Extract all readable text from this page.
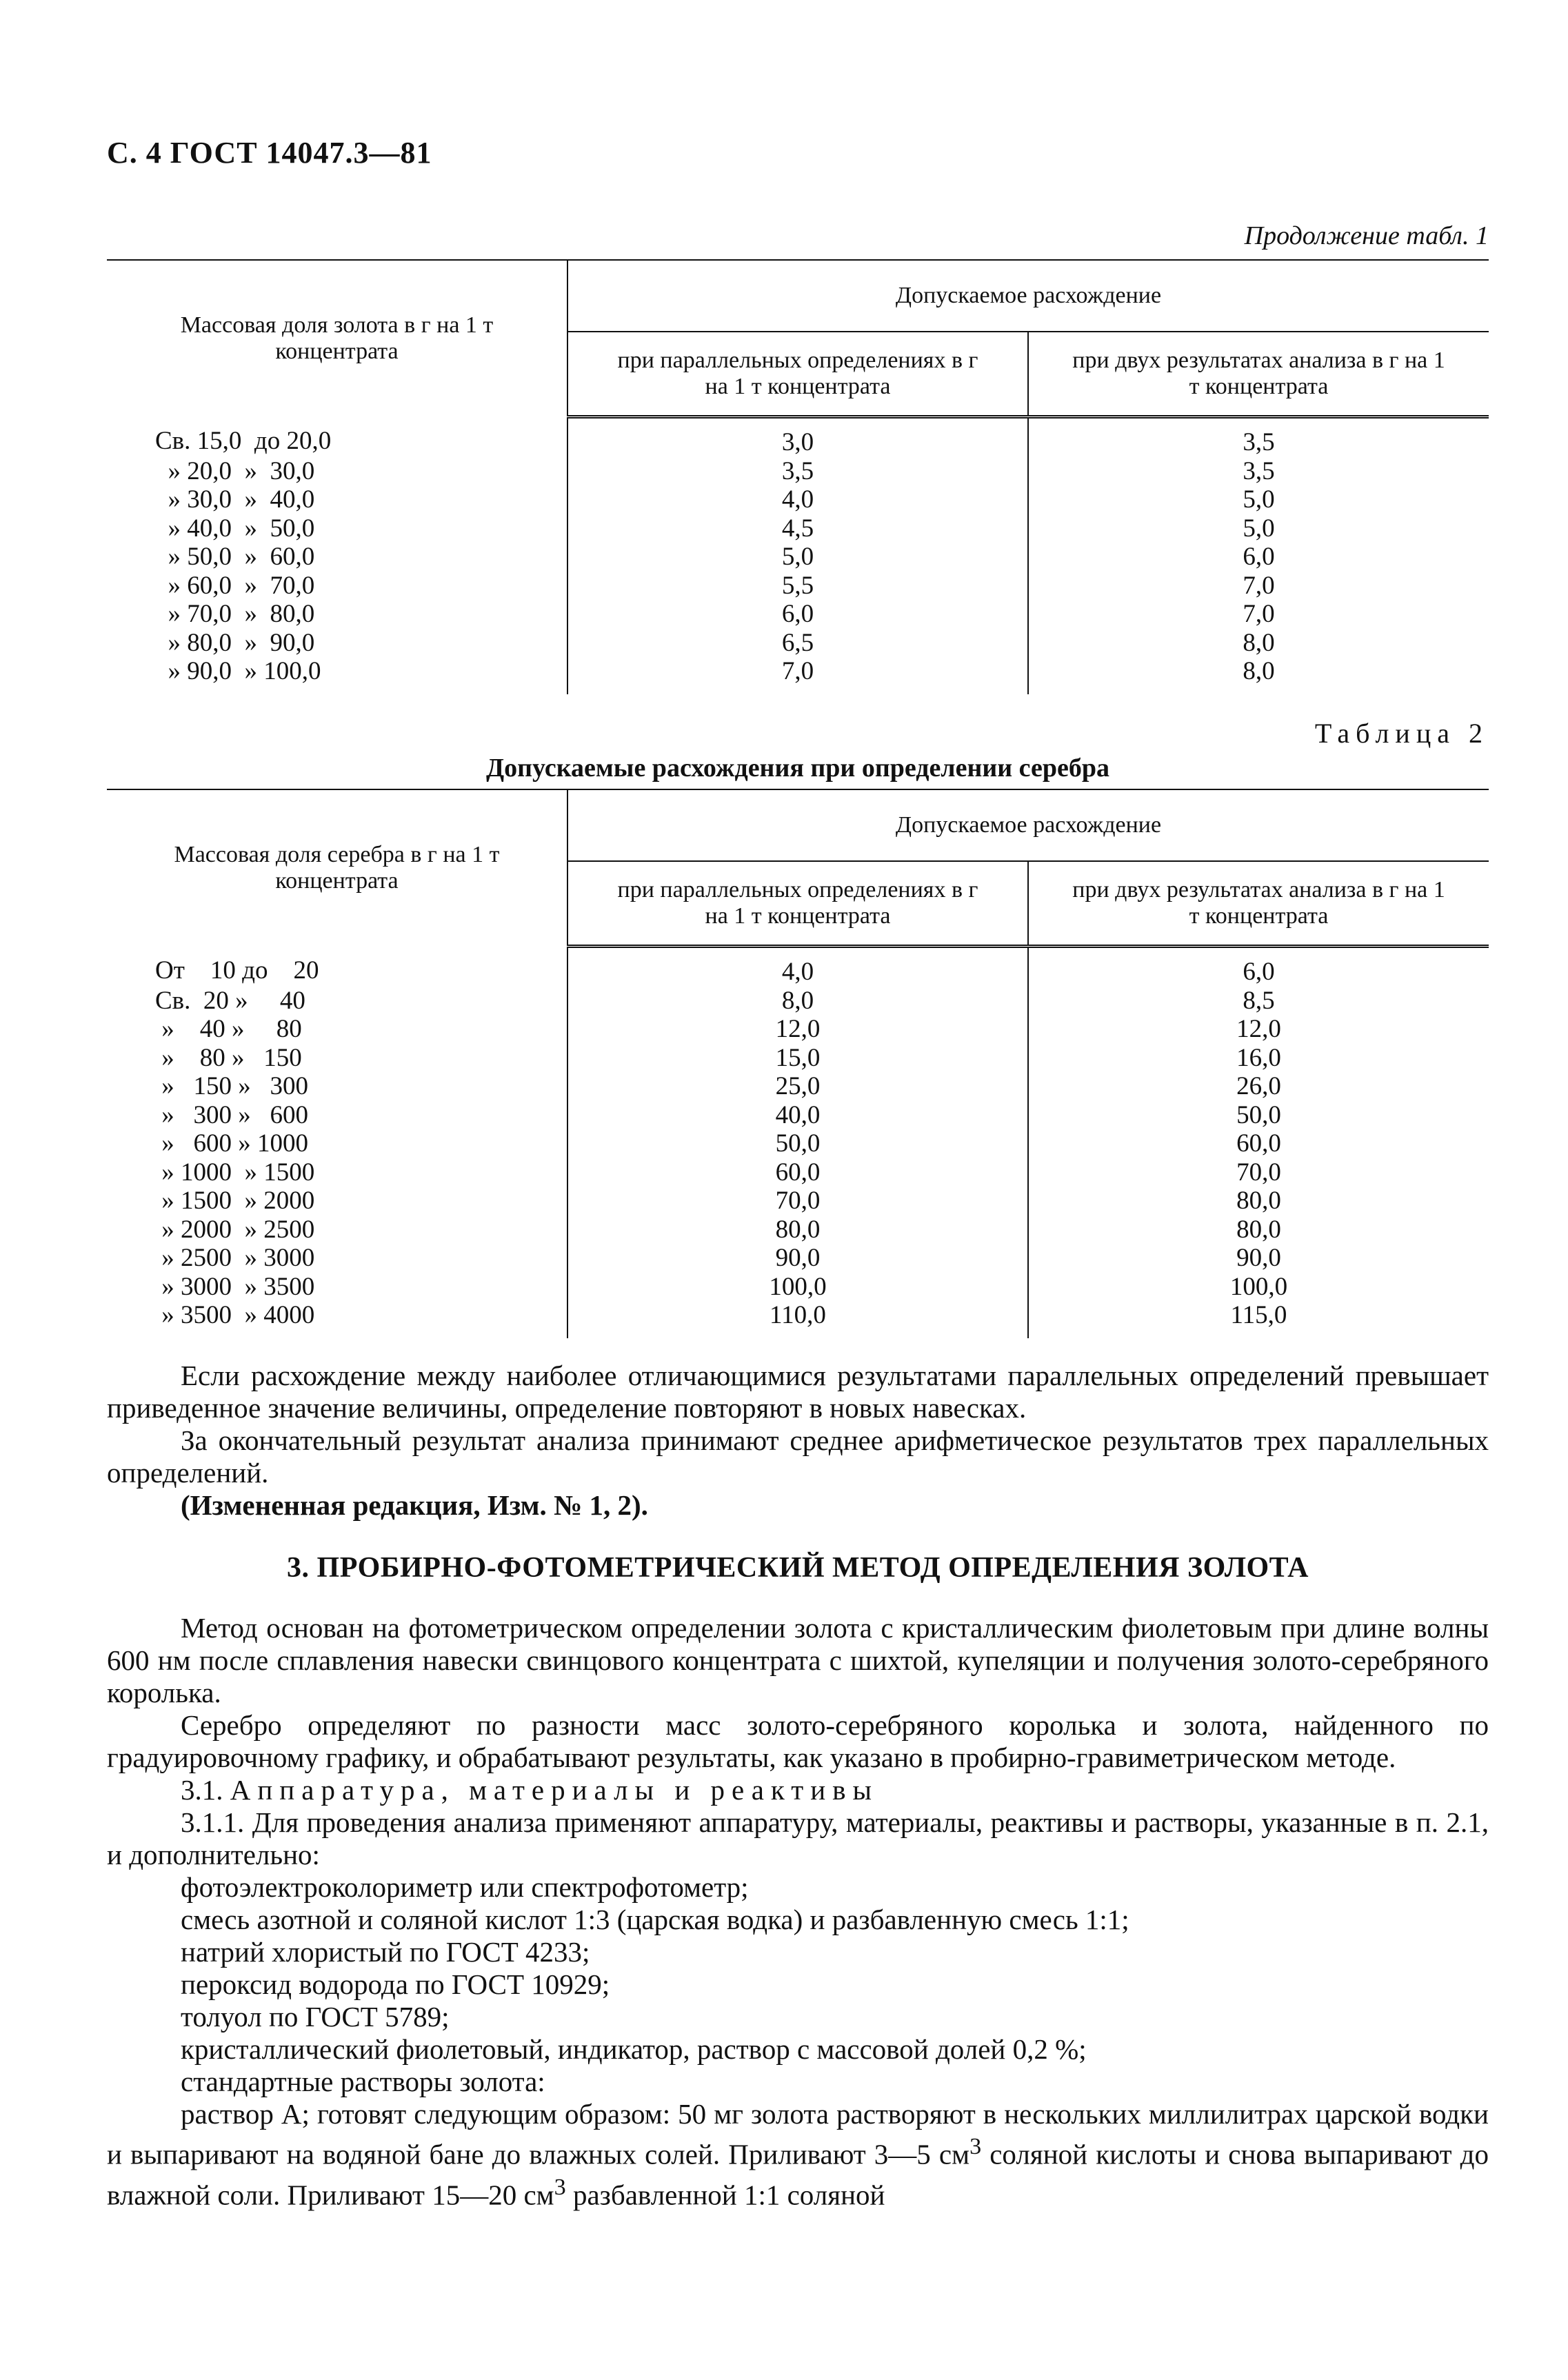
С. 4 ГОСТ 14047.3—81
Продолжение табл. 1
Массовая доля золота в г на 1 т концентрата	Допускаемое расхождение	
	при параллельных определениях в г на 1 т концентрата	при двух результатах анализа в г на 1 т концентрата
Св. 15,0  до 20,0	3,0	3,5
» 20,0  »  30,0	3,5	3,5
» 30,0  »  40,0	4,0	5,0
» 40,0  »  50,0	4,5	5,0
» 50,0  »  60,0	5,0	6,0
» 60,0  »  70,0	5,5	7,0
» 70,0  »  80,0	6,0	7,0
» 80,0  »  90,0	6,5	8,0
» 90,0  » 100,0	7,0	8,0
Таблица 2
Допускаемые расхождения при определении серебра
Массовая доля серебра в г на 1 т концентрата	Допускаемое расхождение	
	при параллельных определениях в г на 1 т концентрата	при двух результатах анализа в г на 1 т концентрата
От    10 до    20	4,0	6,0
Св.  20 »     40	8,0	8,5
»    40 »     80	12,0	12,0
»    80 »   150	15,0	16,0
»   150 »   300	25,0	26,0
»   300 »   600	40,0	50,0
»   600 » 1000	50,0	60,0
» 1000  » 1500	60,0	70,0
» 1500  » 2000	70,0	80,0
» 2000  » 2500	80,0	80,0
» 2500  » 3000	90,0	90,0
» 3000  » 3500	100,0	100,0
» 3500  » 4000	110,0	115,0

Если расхождение между наиболее отличающимися результатами параллельных определений превышает приведенное значение величины, определение повторяют в новых навесках.

За окончательный результат анализа принимают среднее арифметическое результатов трех параллельных определений.

(Измененная редакция, Изм. № 1, 2).

3. ПРОБИРНО-ФОТОМЕТРИЧЕСКИЙ МЕТОД ОПРЕДЕЛЕНИЯ ЗОЛОТА

Метод основан на фотометрическом определении золота с кристаллическим фиолетовым при длине волны 600 нм после сплавления навески свинцового концентрата с шихтой, купеляции и получения золото-серебряного королька.

Серебро определяют по разности масс золото-серебряного королька и золота, найденного по градуировочному графику, и обрабатывают результаты, как указано в пробирно-гравиметрическом методе.

3.1. Аппаратура, материалы и реактивы

3.1.1. Для проведения анализа применяют аппаратуру, материалы, реактивы и растворы, указанные в п. 2.1, и дополнительно:

фотоэлектроколориметр или спектрофотометр;

смесь азотной и соляной кислот 1:3 (царская водка) и разбавленную смесь 1:1;

натрий хлористый по ГОСТ 4233;

пероксид водорода по ГОСТ 10929;

толуол по ГОСТ 5789;

кристаллический фиолетовый, индикатор, раствор с массовой долей 0,2 %;

стандартные растворы золота:

раствор А; готовят следующим образом: 50 мг золота растворяют в нескольких миллилитрах царской водки и выпаривают на водяной бане до влажных солей. Приливают 3—5 $см^3$ соляной кислоты и снова выпаривают до влажной соли. Приливают 15—20 $см^3$ разбавленной 1:1 соляной
